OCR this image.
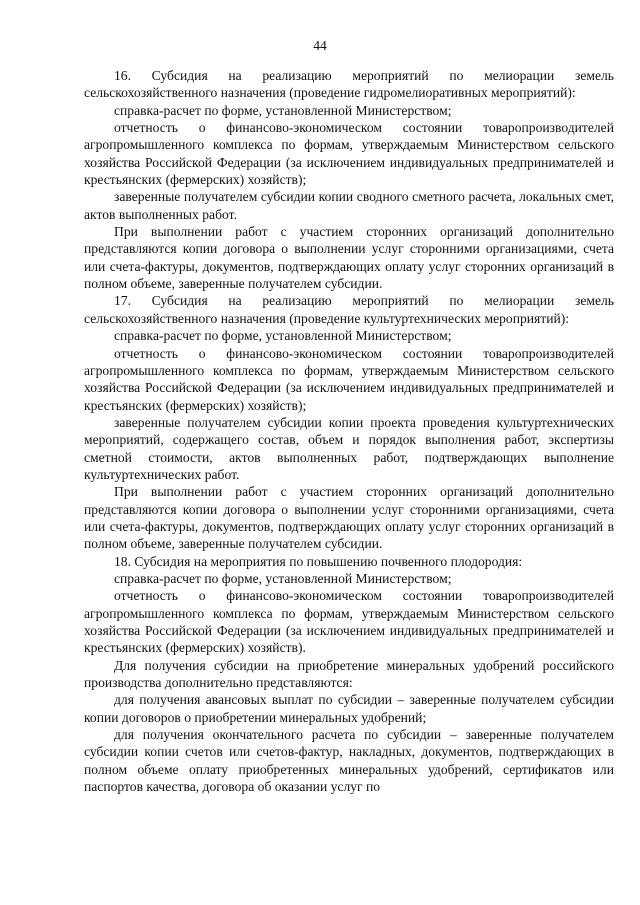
44

16. Субсидия на реализацию мероприятий по мелиорации земель сельскохозяйственного назначения (проведение гидромелиоративных мероприятий):

справка-расчет по форме, установленной Министерством;

отчетность о финансово-экономическом состоянии товаропроизводителей агропромышленного комплекса по формам, утверждаемым Министерством сельского хозяйства Российской Федерации (за исключением индивидуальных предпринимателей и крестьянских (фермерских) хозяйств);

заверенные получателем субсидии копии сводного сметного расчета, локальных смет, актов выполненных работ.

При выполнении работ с участием сторонних организаций дополнительно представляются копии договора о выполнении услуг сторонними организациями, счета или счета-фактуры, документов, подтверждающих оплату услуг сторонних организаций в полном объеме, заверенные получателем субсидии.

17. Субсидия на реализацию мероприятий по мелиорации земель сельскохозяйственного назначения (проведение культуртехнических мероприятий):

справка-расчет по форме, установленной Министерством;

отчетность о финансово-экономическом состоянии товаропроизводителей агропромышленного комплекса по формам, утверждаемым Министерством сельского хозяйства Российской Федерации (за исключением индивидуальных предпринимателей и крестьянских (фермерских) хозяйств);

заверенные получателем субсидии копии проекта проведения культуртехнических мероприятий, содержащего состав, объем и порядок выполнения работ, экспертизы сметной стоимости, актов выполненных работ, подтверждающих выполнение культуртехнических работ.

При выполнении работ с участием сторонних организаций дополнительно представляются копии договора о выполнении услуг сторонними организациями, счета или счета-фактуры, документов, подтверждающих оплату услуг сторонних организаций в полном объеме, заверенные получателем субсидии.

18. Субсидия на мероприятия по повышению почвенного плодородия:

справка-расчет по форме, установленной Министерством;

отчетность о финансово-экономическом состоянии товаропроизводителей агропромышленного комплекса по формам, утверждаемым Министерством сельского хозяйства Российской Федерации (за исключением индивидуальных предпринимателей и крестьянских (фермерских) хозяйств).

Для получения субсидии на приобретение минеральных удобрений российского производства дополнительно представляются:

для получения авансовых выплат по субсидии – заверенные получателем субсидии копии договоров о приобретении минеральных удобрений;

для получения окончательного расчета по субсидии – заверенные получателем субсидии копии счетов или счетов-фактур, накладных, документов, подтверждающих в полном объеме оплату приобретенных минеральных удобрений, сертификатов или паспортов качества, договора об оказании услуг по
